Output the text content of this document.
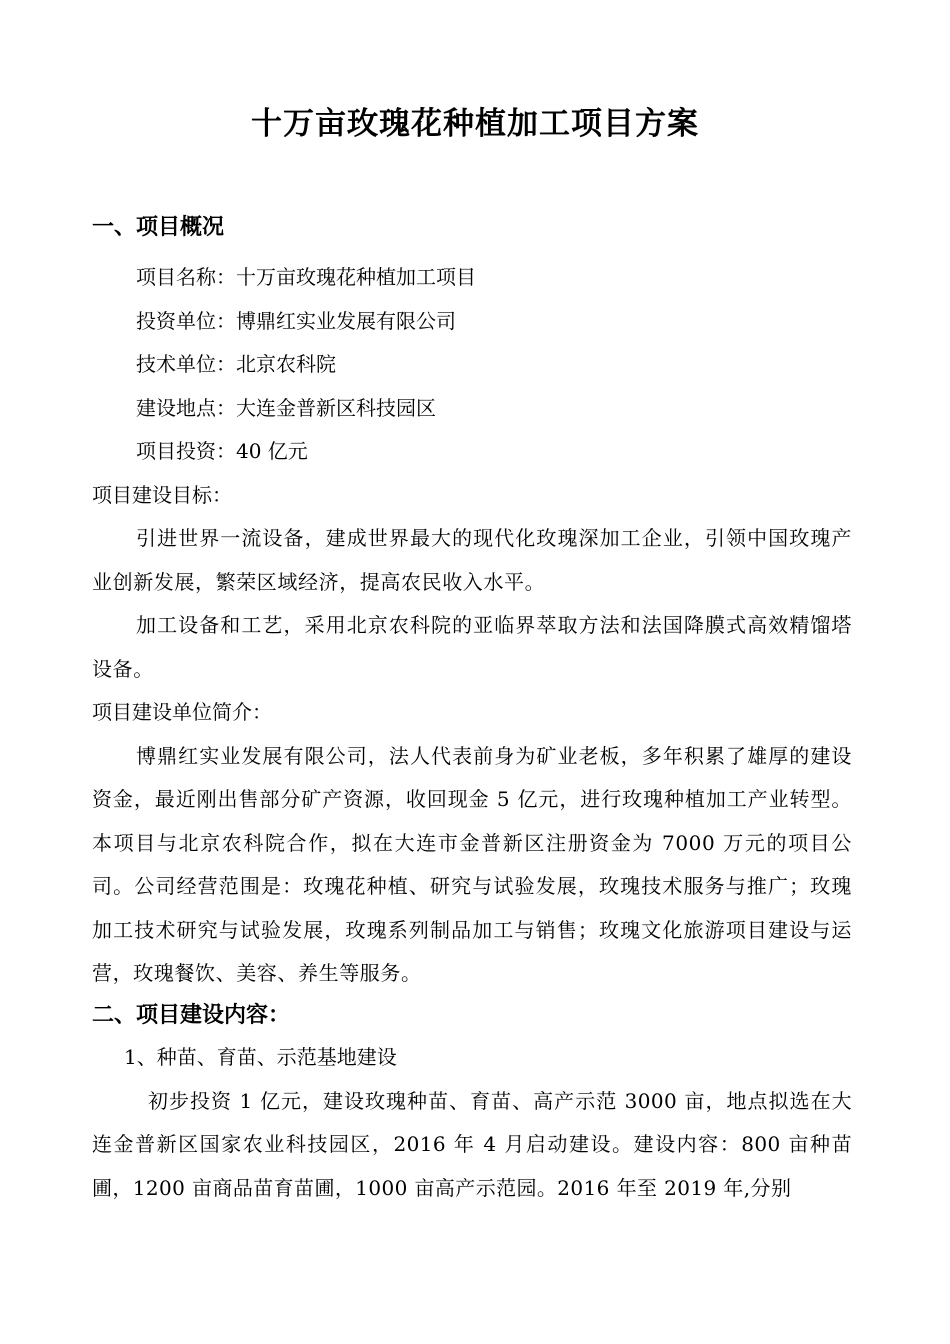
十万亩玫瑰花种植加工项目方案
一、项目概况

项目名称：十万亩玫瑰花种植加工项目

投资单位：博鼎红实业发展有限公司

技术单位：北京农科院

建设地点：大连金普新区科技园区

项目投资：40 亿元

项目建设目标：

引进世界一流设备，建成世界最大的现代化玫瑰深加工企业，引领中国玫瑰产业创新发展，繁荣区域经济，提高农民收入水平。

加工设备和工艺，采用北京农科院的亚临界萃取方法和法国降膜式高效精馏塔设备。

项目建设单位简介：

博鼎红实业发展有限公司，法人代表前身为矿业老板，多年积累了雄厚的建设资金，最近刚出售部分矿产资源，收回现金 5 亿元，进行玫瑰种植加工产业转型。本项目与北京农科院合作，拟在大连市金普新区注册资金为 7000 万元的项目公司。公司经营范围是：玫瑰花种植、研究与试验发展，玫瑰技术服务与推广；玫瑰加工技术研究与试验发展，玫瑰系列制品加工与销售；玫瑰文化旅游项目建设与运营，玫瑰餐饮、美容、养生等服务。

二、项目建设内容：

1、种苗、育苗、示范基地建设

初步投资 1 亿元，建设玫瑰种苗、育苗、高产示范 3000 亩，地点拟选在大连金普新区国家农业科技园区，2016 年 4 月启动建设。建设内容：800 亩种苗圃，1200 亩商品苗育苗圃，1000 亩高产示范园。2016 年至 2019 年,分别
